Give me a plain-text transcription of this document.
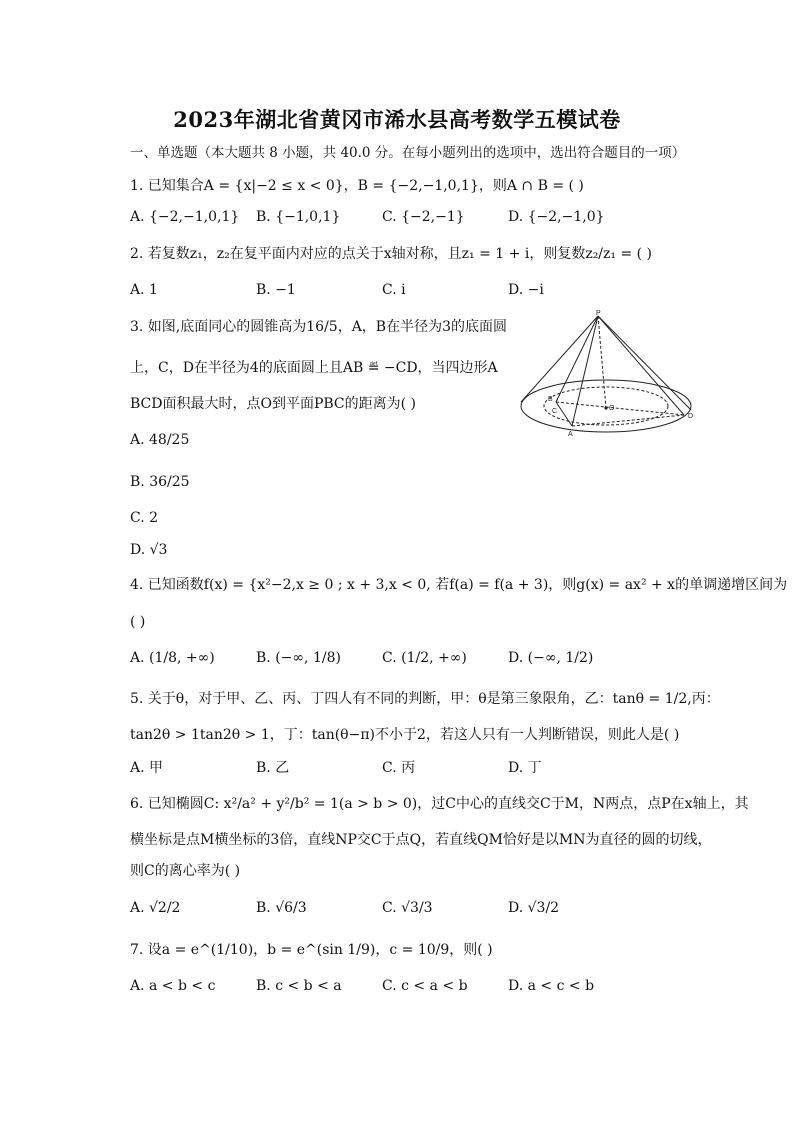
2023年湖北省黄冈市浠水县高考数学五模试卷
一、单选题（本大题共 8 小题，共 40.0 分。在每小题列出的选项中，选出符合题目的一项）
1. 已知集合A = {x|−2 ≤ x < 0}，B = {−2,−1,0,1}，则A ∩ B = ( )
A. {−2,−1,0,1} B. {−1,0,1}	C. {−2,−1}	D. {−2,−1,0}
2. 若复数z₁，z₂在复平面内对应的点关于x轴对称，且z₁ = 1 + i，则复数z₂/z₁ = ( )
A. 1	B. −1	C. i	D. −i
3. 如图,底面同心的圆锥高为16/5，A，B在半径为3的底面圆
上，C，D在半径为4的底面圆上且AB ≝ −CD，当四边形A
BCD面积最大时，点O到平面PBC的距离为( )
A. 48/25
B. 36/25
C. 2
D. √3
P
A
B
C
D
O
4. 已知函数f(x) = {x²−2,x ≥ 0 ; x + 3,x < 0, 若f(a) = f(a + 3)，则g(x) = ax² + x的单调递增区间为
( )
A. (1/8, +∞)	B. (−∞, 1/8)	C. (1/2, +∞)	D. (−∞, 1/2)
5. 关于θ，对于甲、乙、丙、丁四人有不同的判断，甲：θ是第三象限角，乙：tanθ = 1/2,丙：
tan2θ > 1tan2θ > 1，丁：tan(θ−π)不小于2，若这人只有一人判断错误，则此人是( )
A. 甲	B. 乙	C. 丙	D. 丁
6. 已知椭圆C: x²/a² + y²/b² = 1(a > b > 0)，过C中心的直线交C于M，N两点，点P在x轴上，其
横坐标是点M横坐标的3倍，直线NP交C于点Q，若直线QM恰好是以MN为直径的圆的切线，
则C的离心率为( )
A. √2/2	B. √6/3	C. √3/3	D. √3/2
7. 设a = e^(1/10)，b = e^(sin 1/9)，c = 10/9，则( )
A. a < b < c	B. c < b < a	C. c < a < b	D. a < c < b
